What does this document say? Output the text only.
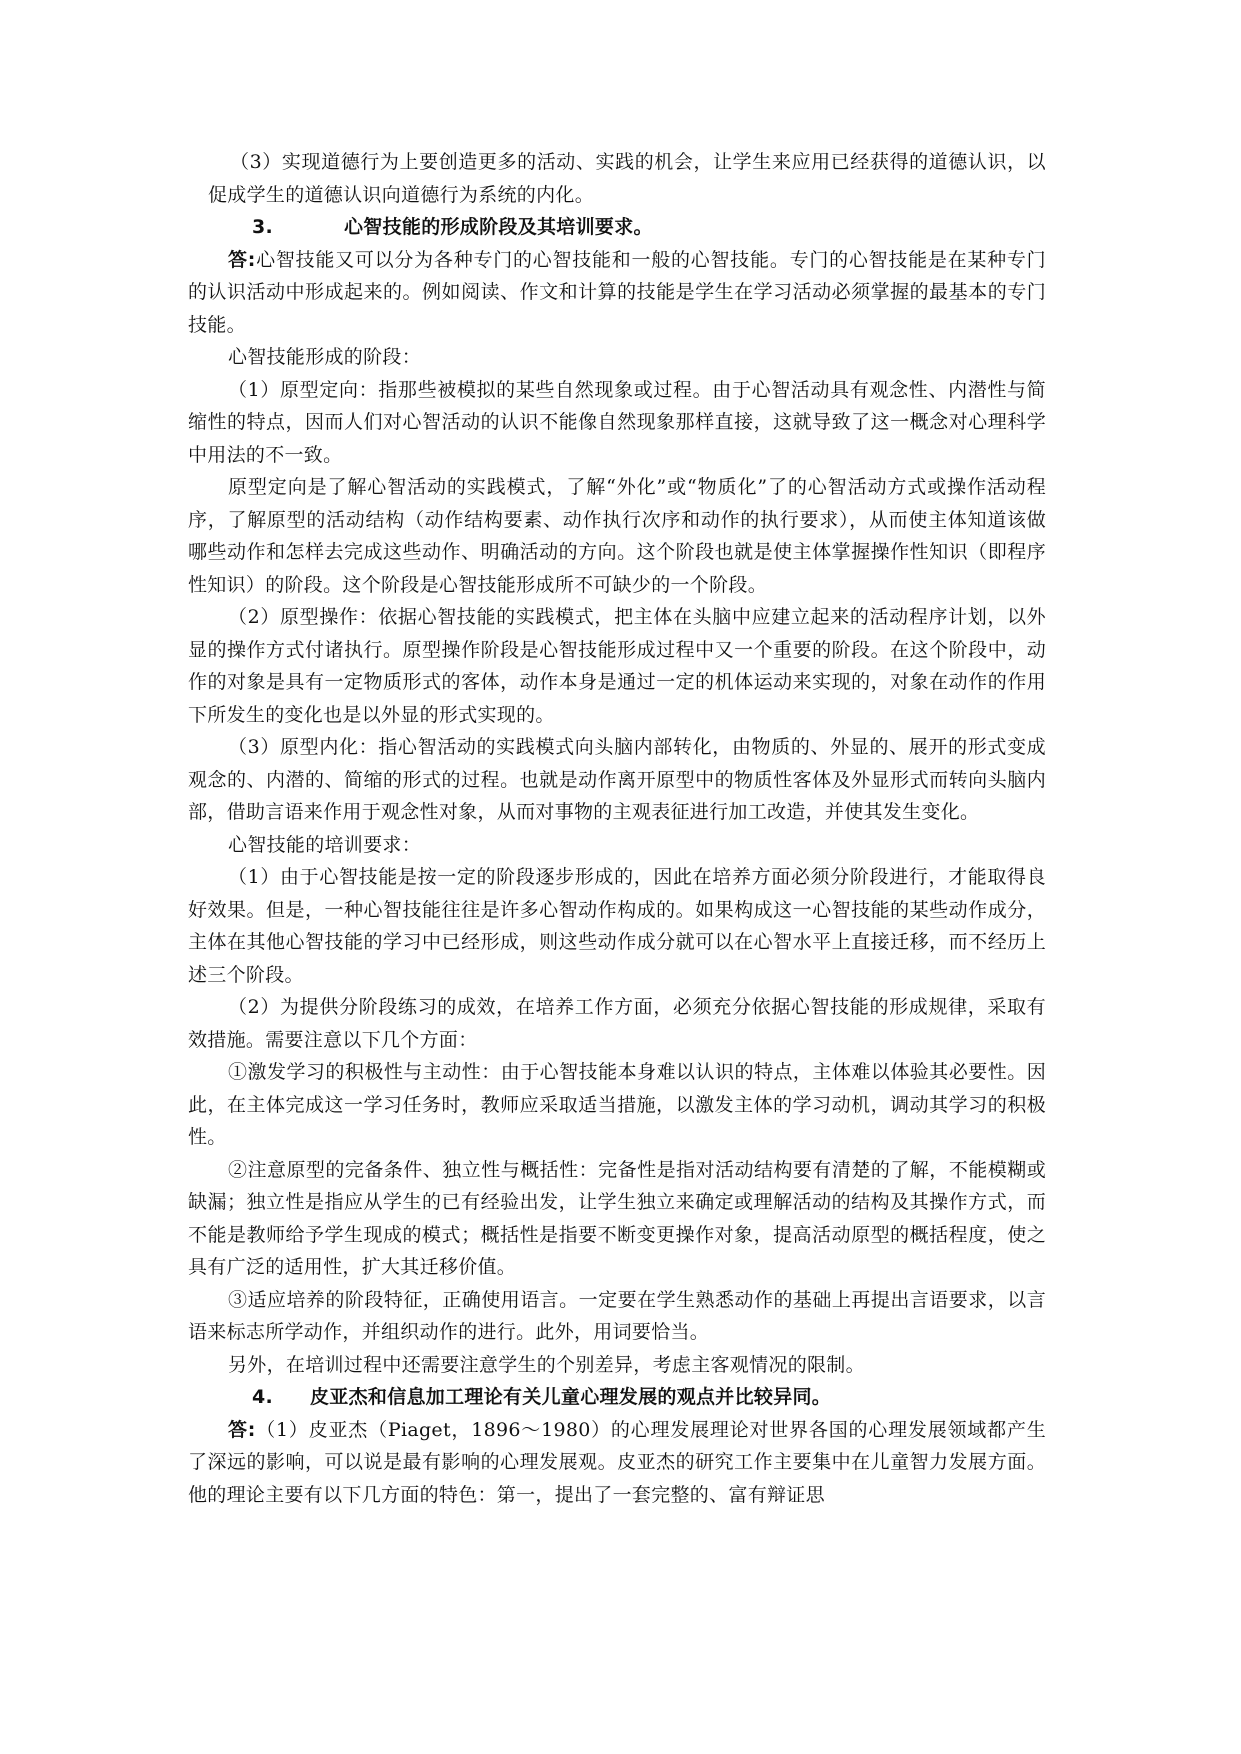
（3）实现道德行为上要创造更多的活动、实践的机会，让学生来应用已经获得的道德认识，以促成学生的道德认识向道德行为系统的内化。

3.	心智技能的形成阶段及其培训要求。

答:心智技能又可以分为各种专门的心智技能和一般的心智技能。专门的心智技能是在某种专门的认识活动中形成起来的。例如阅读、作文和计算的技能是学生在学习活动必须掌握的最基本的专门技能。

心智技能形成的阶段：

（1）原型定向：指那些被模拟的某些自然现象或过程。由于心智活动具有观念性、内潜性与简缩性的特点，因而人们对心智活动的认识不能像自然现象那样直接，这就导致了这一概念对心理科学中用法的不一致。

原型定向是了解心智活动的实践模式，了解“外化”或“物质化”了的心智活动方式或操作活动程序，了解原型的活动结构（动作结构要素、动作执行次序和动作的执行要求），从而使主体知道该做哪些动作和怎样去完成这些动作、明确活动的方向。这个阶段也就是使主体掌握操作性知识（即程序性知识）的阶段。这个阶段是心智技能形成所不可缺少的一个阶段。

（2）原型操作：依据心智技能的实践模式，把主体在头脑中应建立起来的活动程序计划，以外显的操作方式付诸执行。原型操作阶段是心智技能形成过程中又一个重要的阶段。在这个阶段中，动作的对象是具有一定物质形式的客体，动作本身是通过一定的机体运动来实现的，对象在动作的作用下所发生的变化也是以外显的形式实现的。

（3）原型内化：指心智活动的实践模式向头脑内部转化，由物质的、外显的、展开的形式变成观念的、内潜的、简缩的形式的过程。也就是动作离开原型中的物质性客体及外显形式而转向头脑内部，借助言语来作用于观念性对象，从而对事物的主观表征进行加工改造，并使其发生变化。

心智技能的培训要求：

（1）由于心智技能是按一定的阶段逐步形成的，因此在培养方面必须分阶段进行，才能取得良好效果。但是，一种心智技能往往是许多心智动作构成的。如果构成这一心智技能的某些动作成分，主体在其他心智技能的学习中已经形成，则这些动作成分就可以在心智水平上直接迁移，而不经历上述三个阶段。

（2）为提供分阶段练习的成效，在培养工作方面，必须充分依据心智技能的形成规律，采取有效措施。需要注意以下几个方面：

①激发学习的积极性与主动性：由于心智技能本身难以认识的特点，主体难以体验其必要性。因此，在主体完成这一学习任务时，教师应采取适当措施，以激发主体的学习动机，调动其学习的积极性。

②注意原型的完备条件、独立性与概括性：完备性是指对活动结构要有清楚的了解，不能模糊或缺漏；独立性是指应从学生的已有经验出发，让学生独立来确定或理解活动的结构及其操作方式，而不能是教师给予学生现成的模式；概括性是指要不断变更操作对象，提高活动原型的概括程度，使之具有广泛的适用性，扩大其迁移价值。

③适应培养的阶段特征，正确使用语言。一定要在学生熟悉动作的基础上再提出言语要求，以言语来标志所学动作，并组织动作的进行。此外，用词要恰当。

另外，在培训过程中还需要注意学生的个别差异，考虑主客观情况的限制。

4. 皮亚杰和信息加工理论有关儿童心理发展的观点并比较异同。

答:（1）皮亚杰（Piaget，1896～1980）的心理发展理论对世界各国的心理发展领域都产生了深远的影响，可以说是最有影响的心理发展观。皮亚杰的研究工作主要集中在儿童智力发展方面。他的理论主要有以下几方面的特色：第一，提出了一套完整的、富有辩证思
